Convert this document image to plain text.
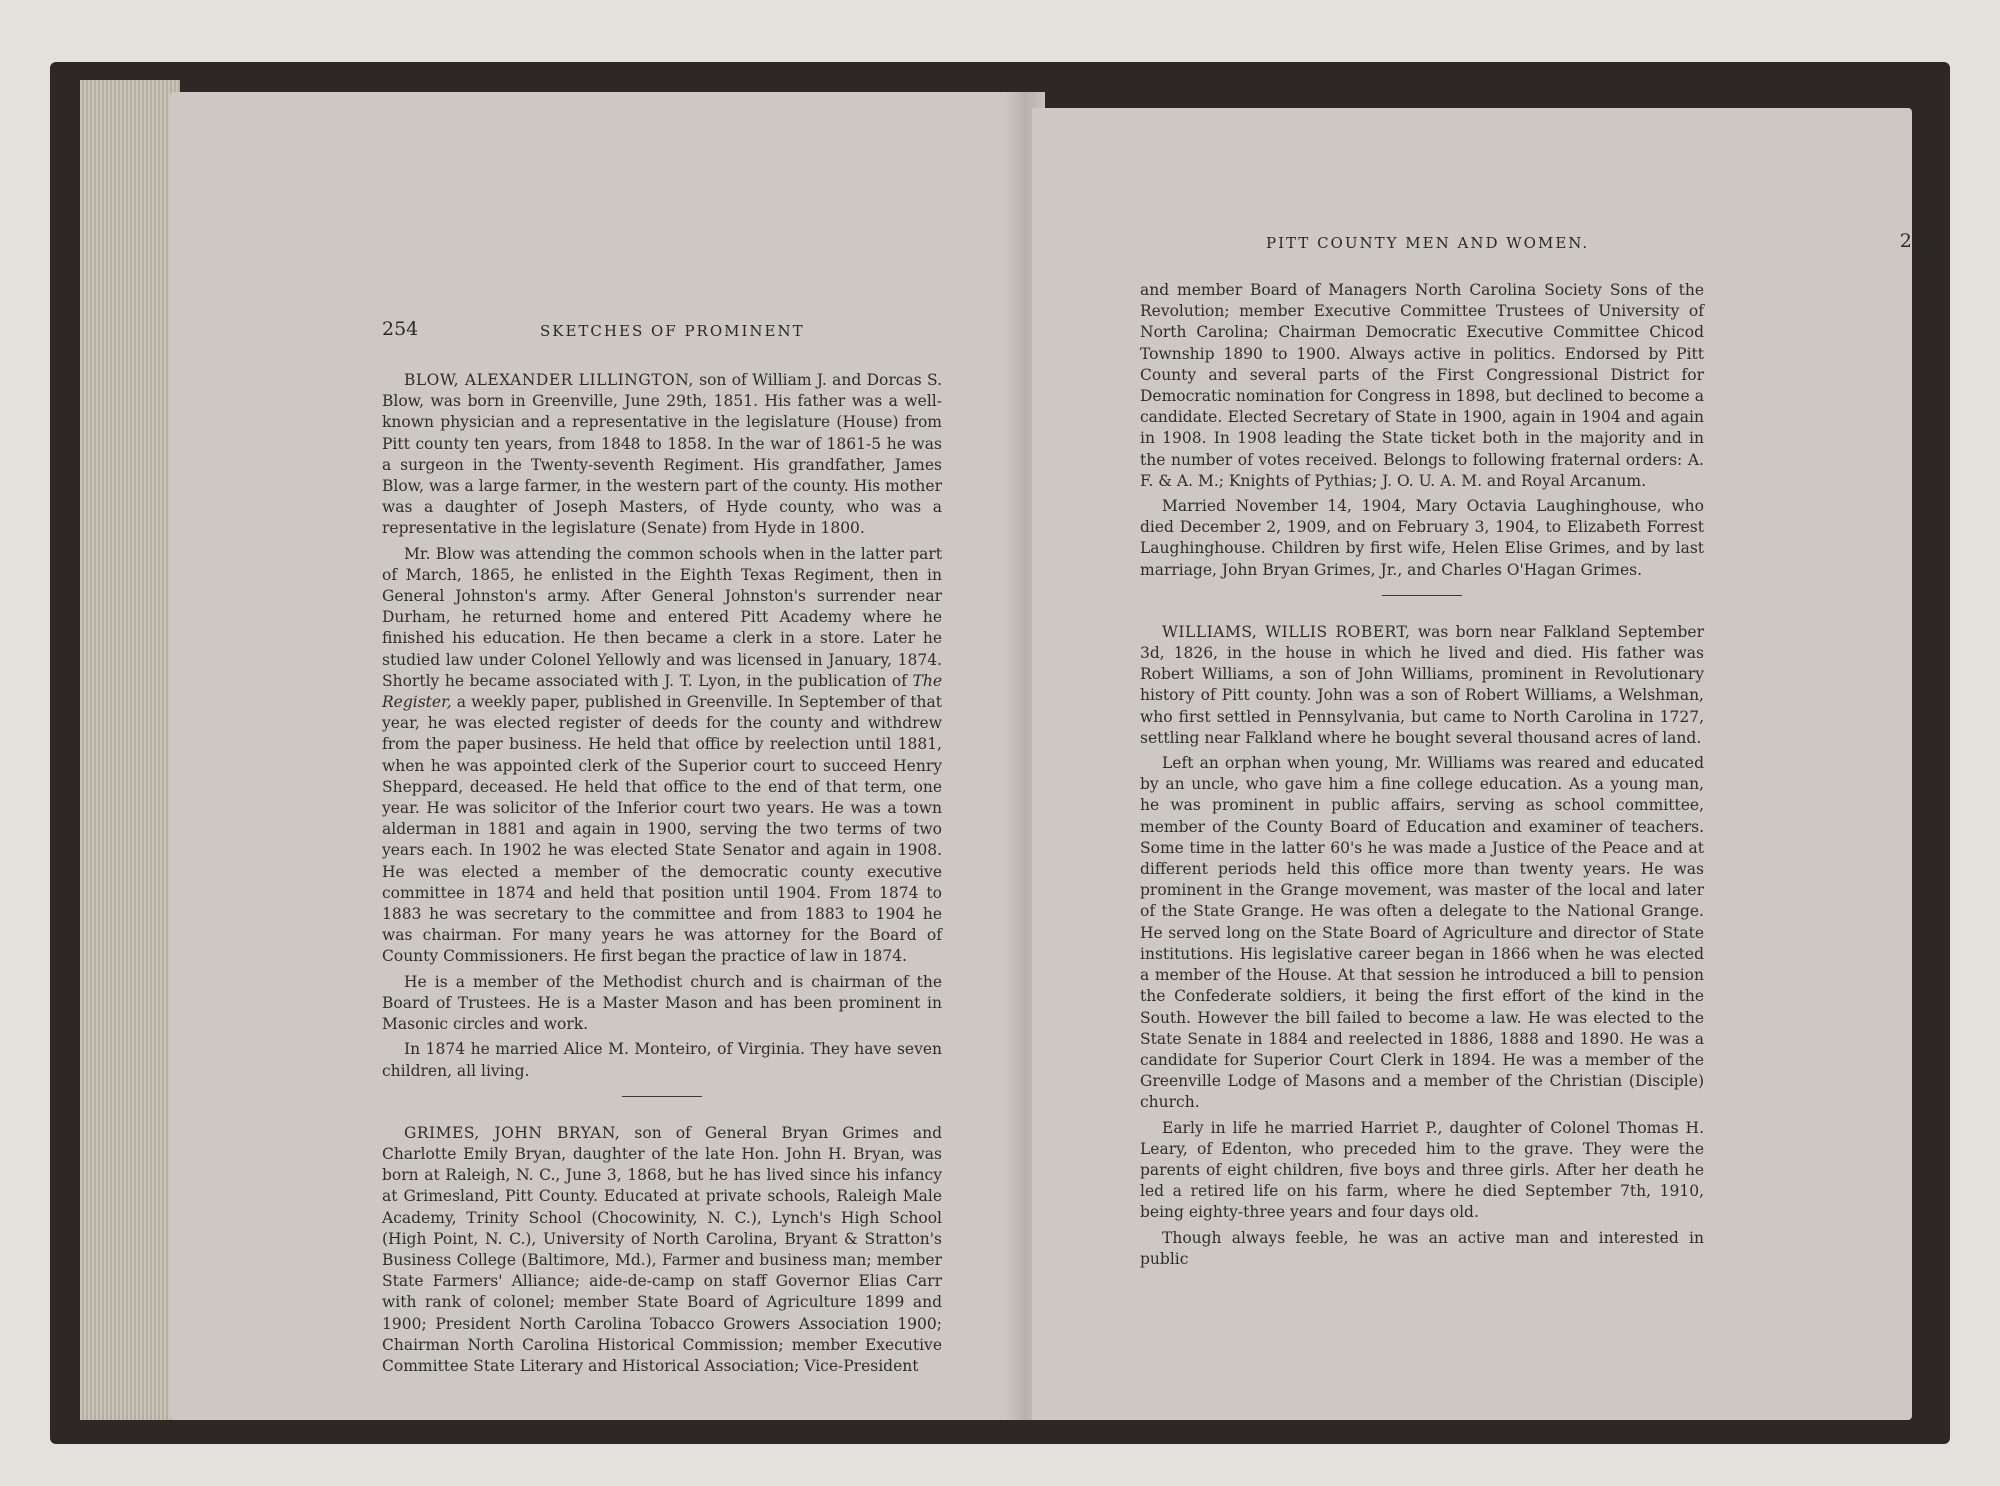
254	SKETCHES OF PROMINENT

BLOW, ALEXANDER LILLINGTON, son of William J. and Dorcas S. Blow, was born in Greenville, June 29th, 1851. His father was a well-known physician and a representative in the legislature (House) from Pitt county ten years, from 1848 to 1858. In the war of 1861-5 he was a surgeon in the Twenty-seventh Regiment. His grandfather, James Blow, was a large farmer, in the western part of the county. His mother was a daughter of Joseph Masters, of Hyde county, who was a representative in the legislature (Senate) from Hyde in 1800.

Mr. Blow was attending the common schools when in the latter part of March, 1865, he enlisted in the Eighth Texas Regiment, then in General Johnston's army. After General Johnston's surrender near Durham, he returned home and entered Pitt Academy where he finished his education. He then became a clerk in a store. Later he studied law under Colonel Yellowly and was licensed in January, 1874. Shortly he became associated with J. T. Lyon, in the publication of The Register, a weekly paper, published in Greenville. In September of that year, he was elected register of deeds for the county and withdrew from the paper business. He held that office by reelection until 1881, when he was appointed clerk of the Superior court to succeed Henry Sheppard, deceased. He held that office to the end of that term, one year. He was solicitor of the Inferior court two years. He was a town alderman in 1881 and again in 1900, serving the two terms of two years each. In 1902 he was elected State Senator and again in 1908. He was elected a member of the democratic county executive committee in 1874 and held that position until 1904. From 1874 to 1883 he was secretary to the committee and from 1883 to 1904 he was chairman. For many years he was attorney for the Board of County Commissioners. He first began the practice of law in 1874.

He is a member of the Methodist church and is chairman of the Board of Trustees. He is a Master Mason and has been prominent in Masonic circles and work.

In 1874 he married Alice M. Monteiro, of Virginia. They have seven children, all living.

GRIMES, JOHN BRYAN, son of General Bryan Grimes and Charlotte Emily Bryan, daughter of the late Hon. John H. Bryan, was born at Raleigh, N. C., June 3, 1868, but he has lived since his infancy at Grimesland, Pitt County. Educated at private schools, Raleigh Male Academy, Trinity School (Chocowinity, N. C.), Lynch's High School (High Point, N. C.), University of North Carolina, Bryant & Stratton's Business College (Baltimore, Md.), Farmer and business man; member State Farmers' Alliance; aide-de-camp on staff Governor Elias Carr with rank of colonel; member State Board of Agriculture 1899 and 1900; President North Carolina Tobacco Growers Association 1900; Chairman North Carolina Historical Commission; member Executive Committee State Literary and Historical Association; Vice-President

PITT COUNTY MEN AND WOMEN.	255

and member Board of Managers North Carolina Society Sons of the Revolution; member Executive Committee Trustees of University of North Carolina; Chairman Democratic Executive Committee Chicod Township 1890 to 1900. Always active in politics. Endorsed by Pitt County and several parts of the First Congressional District for Democratic nomination for Congress in 1898, but declined to become a candidate. Elected Secretary of State in 1900, again in 1904 and again in 1908. In 1908 leading the State ticket both in the majority and in the number of votes received. Belongs to following fraternal orders: A. F. & A. M.; Knights of Pythias; J. O. U. A. M. and Royal Arcanum.

Married November 14, 1904, Mary Octavia Laughinghouse, who died December 2, 1909, and on February 3, 1904, to Elizabeth Forrest Laughinghouse. Children by first wife, Helen Elise Grimes, and by last marriage, John Bryan Grimes, Jr., and Charles O'Hagan Grimes.

WILLIAMS, WILLIS ROBERT, was born near Falkland September 3d, 1826, in the house in which he lived and died. His father was Robert Williams, a son of John Williams, prominent in Revolutionary history of Pitt county. John was a son of Robert Williams, a Welshman, who first settled in Pennsylvania, but came to North Carolina in 1727, settling near Falkland where he bought several thousand acres of land.

Left an orphan when young, Mr. Williams was reared and educated by an uncle, who gave him a fine college education. As a young man, he was prominent in public affairs, serving as school committee, member of the County Board of Education and examiner of teachers. Some time in the latter 60's he was made a Justice of the Peace and at different periods held this office more than twenty years. He was prominent in the Grange movement, was master of the local and later of the State Grange. He was often a delegate to the National Grange. He served long on the State Board of Agriculture and director of State institutions. His legislative career began in 1866 when he was elected a member of the House. At that session he introduced a bill to pension the Confederate soldiers, it being the first effort of the kind in the South. However the bill failed to become a law. He was elected to the State Senate in 1884 and reelected in 1886, 1888 and 1890. He was a candidate for Superior Court Clerk in 1894. He was a member of the Greenville Lodge of Masons and a member of the Christian (Disciple) church.

Early in life he married Harriet P., daughter of Colonel Thomas H. Leary, of Edenton, who preceded him to the grave. They were the parents of eight children, five boys and three girls. After her death he led a retired life on his farm, where he died September 7th, 1910, being eighty-three years and four days old.

Though always feeble, he was an active man and interested in public
